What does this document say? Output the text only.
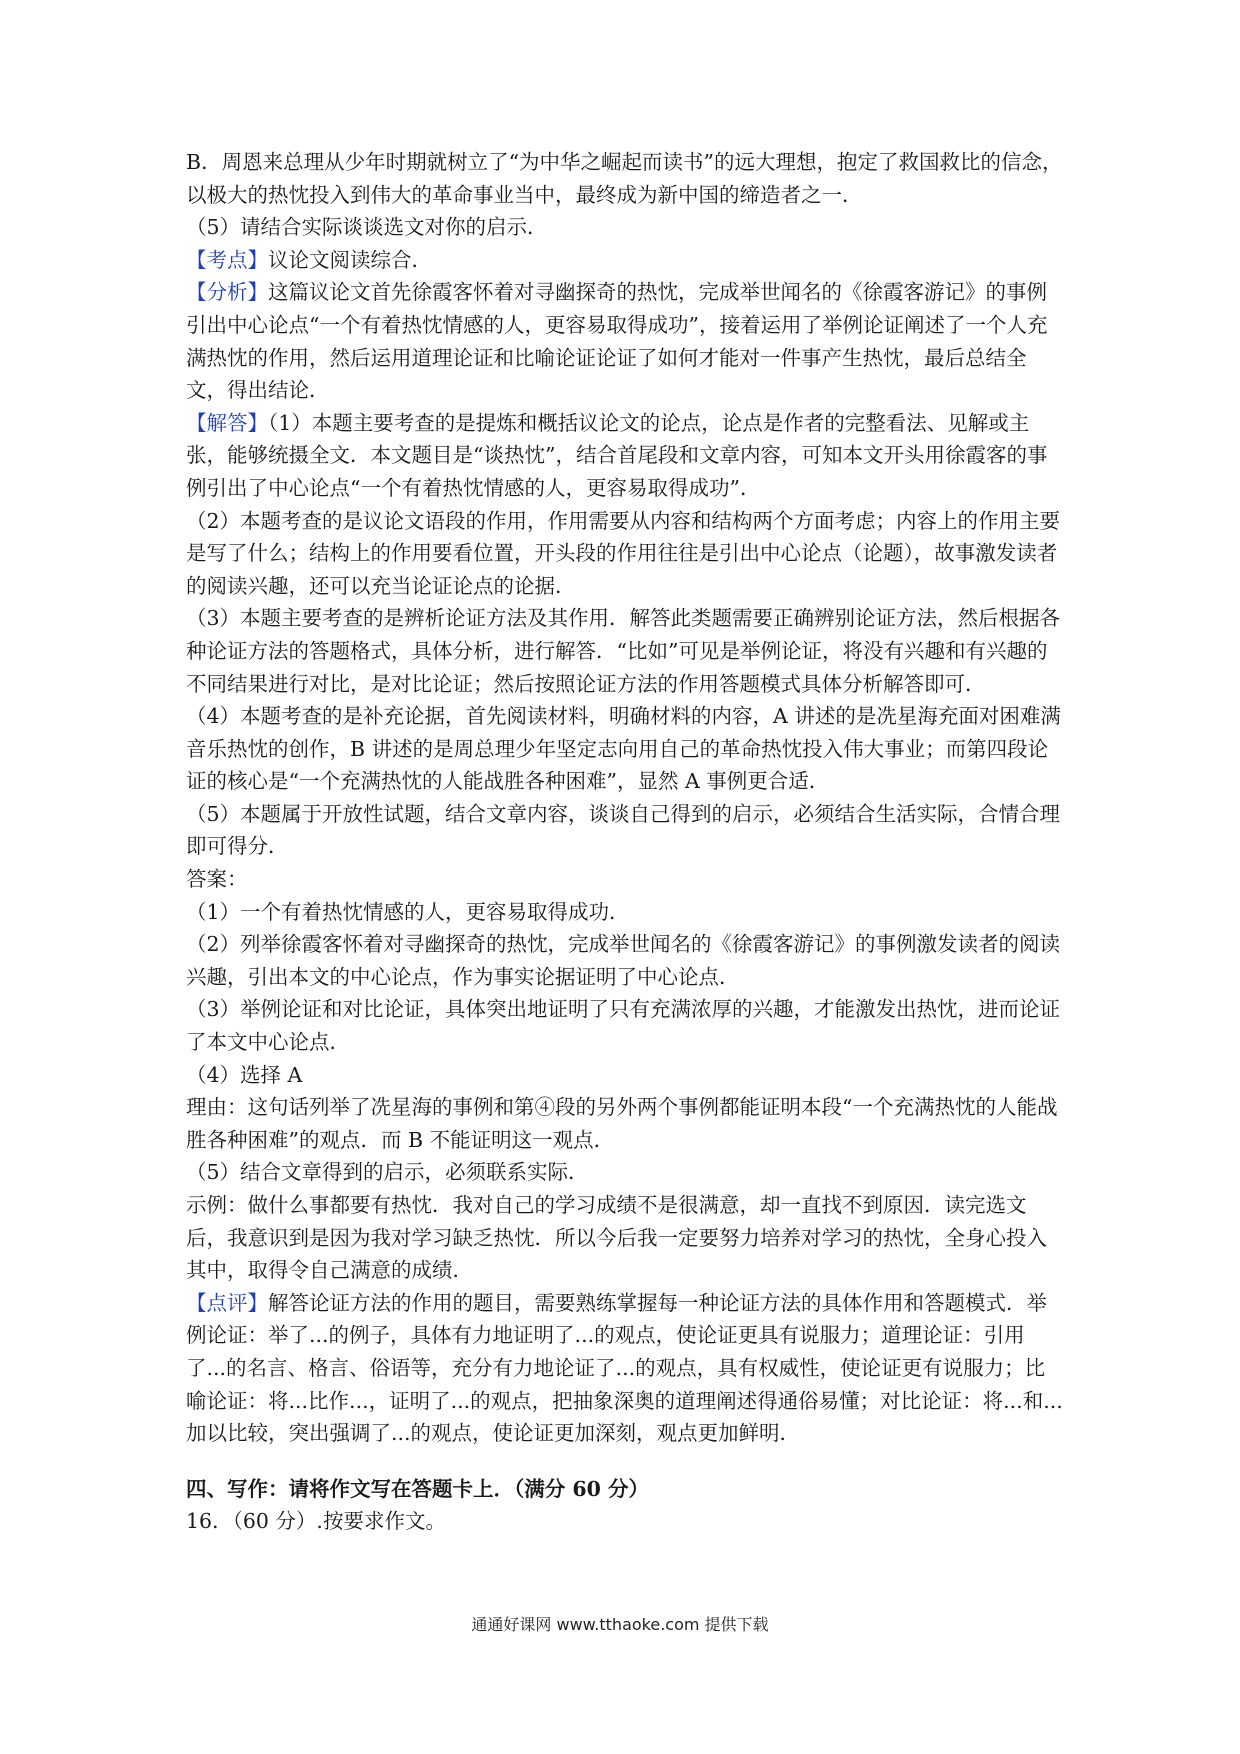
B．周恩来总理从少年时期就树立了“为中华之崛起而读书”的远大理想，抱定了救国救比的信念，以极大的热忱投入到伟大的革命事业当中，最终成为新中国的缔造者之一．

（5）请结合实际谈谈选文对你的启示．

【考点】议论文阅读综合．

【分析】这篇议论文首先徐霞客怀着对寻幽探奇的热忱，完成举世闻名的《徐霞客游记》的事例引出中心论点“一个有着热忱情感的人，更容易取得成功”，接着运用了举例论证阐述了一个人充满热忱的作用，然后运用道理论证和比喻论证论证了如何才能对一件事产生热忱，最后总结全文，得出结论．

【解答】（1）本题主要考查的是提炼和概括议论文的论点，论点是作者的完整看法、见解或主张，能够统摄全文．本文题目是“谈热忱”，结合首尾段和文章内容，可知本文开头用徐霞客的事例引出了中心论点“一个有着热忱情感的人，更容易取得成功”．

（2）本题考查的是议论文语段的作用，作用需要从内容和结构两个方面考虑；内容上的作用主要是写了什么；结构上的作用要看位置，开头段的作用往往是引出中心论点（论题），故事激发读者的阅读兴趣，还可以充当论证论点的论据．

（3）本题主要考查的是辨析论证方法及其作用．解答此类题需要正确辨别论证方法，然后根据各种论证方法的答题格式，具体分析，进行解答．“比如”可见是举例论证，将没有兴趣和有兴趣的不同结果进行对比，是对比论证；然后按照论证方法的作用答题模式具体分析解答即可．

（4）本题考查的是补充论据，首先阅读材料，明确材料的内容，A 讲述的是冼星海充面对困难满音乐热忱的创作，B 讲述的是周总理少年坚定志向用自己的革命热忱投入伟大事业；而第四段论证的核心是“一个充满热忱的人能战胜各种困难”，显然 A 事例更合适．

（5）本题属于开放性试题，结合文章内容，谈谈自己得到的启示，必须结合生活实际，合情合理即可得分．

答案：

（1）一个有着热忱情感的人，更容易取得成功．

（2）列举徐霞客怀着对寻幽探奇的热忱，完成举世闻名的《徐霞客游记》的事例激发读者的阅读兴趣，引出本文的中心论点，作为事实论据证明了中心论点．

（3）举例论证和对比论证，具体突出地证明了只有充满浓厚的兴趣，才能激发出热忱，进而论证了本文中心论点．

（4）选择 A

理由：这句话列举了冼星海的事例和第④段的另外两个事例都能证明本段“一个充满热忱的人能战胜各种困难”的观点．而 B 不能证明这一观点．

（5）结合文章得到的启示，必须联系实际．

示例：做什么事都要有热忱．我对自己的学习成绩不是很满意，却一直找不到原因．读完选文后，我意识到是因为我对学习缺乏热忱．所以今后我一定要努力培养对学习的热忱，全身心投入其中，取得令自己满意的成绩．

【点评】解答论证方法的作用的题目，需要熟练掌握每一种论证方法的具体作用和答题模式．举例论证：举了...的例子，具体有力地证明了...的观点，使论证更具有说服力；道理论证：引用了...的名言、格言、俗语等，充分有力地论证了...的观点，具有权威性，使论证更有说服力；比喻论证：将...比作...，证明了...的观点，把抽象深奥的道理阐述得通俗易懂；对比论证：将...和...加以比较，突出强调了...的观点，使论证更加深刻，观点更加鲜明．

四、写作：请将作文写在答题卡上．（满分 60 分）

16．（60 分）.按要求作文。

通通好课网 www.tthaoke.com 提供下载
